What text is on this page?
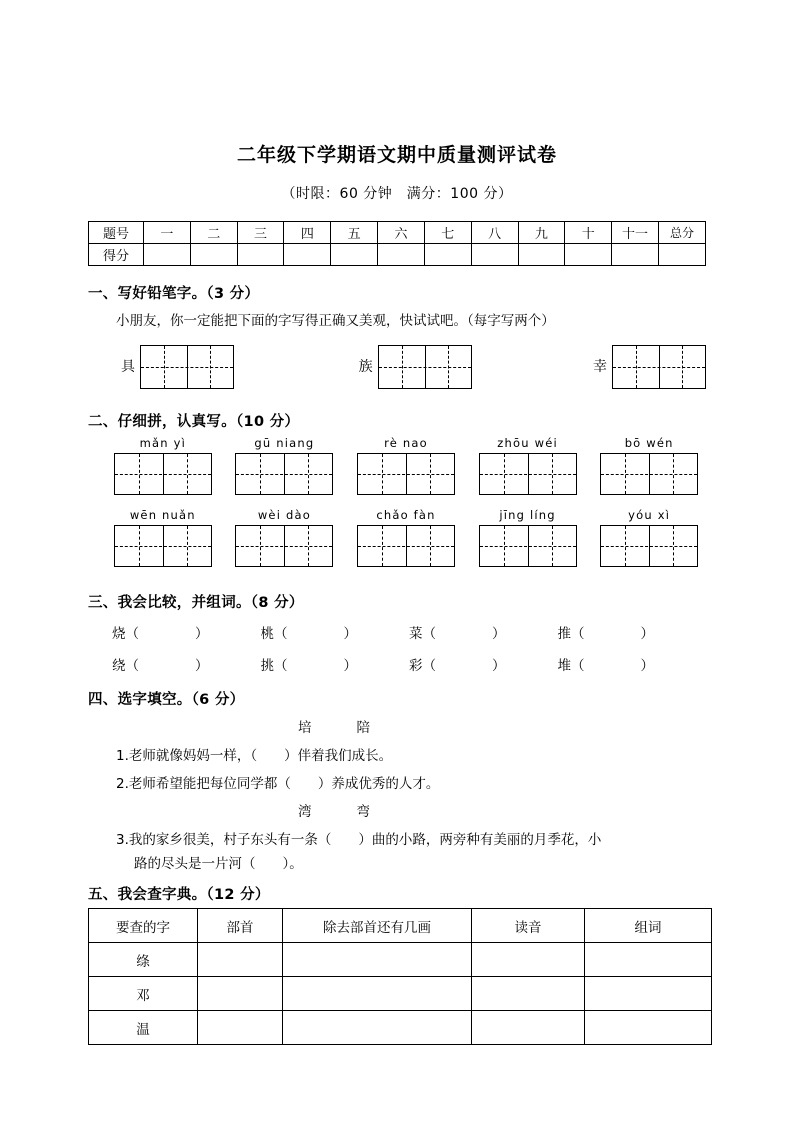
二年级下学期语文期中质量测评试卷

（时限：60 分钟　满分：100 分）

题号	一	二	三	四	五	六	七	八	九	十	十一	总分
得分												

一、写好铅笔字。（3 分）

小朋友，你一定能把下面的字写得正确又美观，快试试吧。（每字写两个）

具	族	幸

二、仔细拼，认真写。（10 分）

mǎn yì	gū niang	rè nao	zhōu wéi	bō wén
wēn nuǎn	wèi dào	chǎo fàn	jīng líng	yóu xì

三、我会比较，并组词。（8 分）

烧（	）	桃（	）	菜（	）	推（	）
绕（	）	挑（	）	彩（	）	堆（	）

四、选字填空。（6 分）

培　　陪

1.老师就像妈妈一样，（　　）伴着我们成长。

2.老师希望能把每位同学都（　　）养成优秀的人才。

湾　　弯

3.我的家乡很美，村子东头有一条（　　）曲的小路，两旁种有美丽的月季花，小

路的尽头是一片河（　　）。

五、我会查字典。（12 分）

要查的字	部首	除去部首还有几画	读音	组词
绦				
邓				
温				
